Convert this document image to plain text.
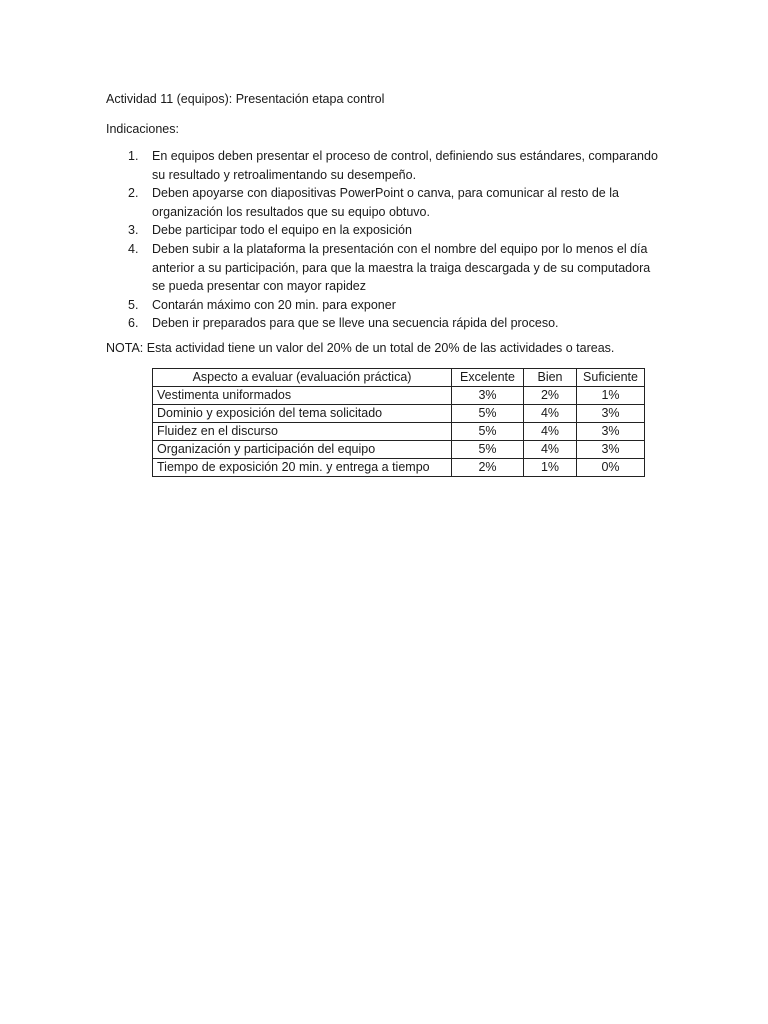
Actividad 11 (equipos): Presentación etapa control

Indicaciones:

1. En equipos deben presentar el proceso de control, definiendo sus estándares, comparando su resultado y retroalimentando su desempeño.
2. Deben apoyarse con diapositivas PowerPoint o canva, para comunicar al resto de la organización los resultados que su equipo obtuvo.
3. Debe participar todo el equipo en la exposición
4. Deben subir a la plataforma la presentación con el nombre del equipo por lo menos el día anterior a su participación, para que la maestra la traiga descargada y de su computadora se pueda presentar con mayor rapidez
5. Contarán máximo con 20 min. para exponer
6. Deben ir preparados para que se lleve una secuencia rápida del proceso.

NOTA: Esta actividad tiene un valor del 20% de un total de 20% de las actividades o tareas.

Aspecto a evaluar (evaluación práctica)	Excelente	Bien	Suficiente
Vestimenta uniformados	3%	2%	1%
Dominio y exposición del tema solicitado	5%	4%	3%
Fluidez en el discurso	5%	4%	3%
Organización y participación del equipo	5%	4%	3%
Tiempo de exposición 20 min. y entrega a tiempo	2%	1%	0%
